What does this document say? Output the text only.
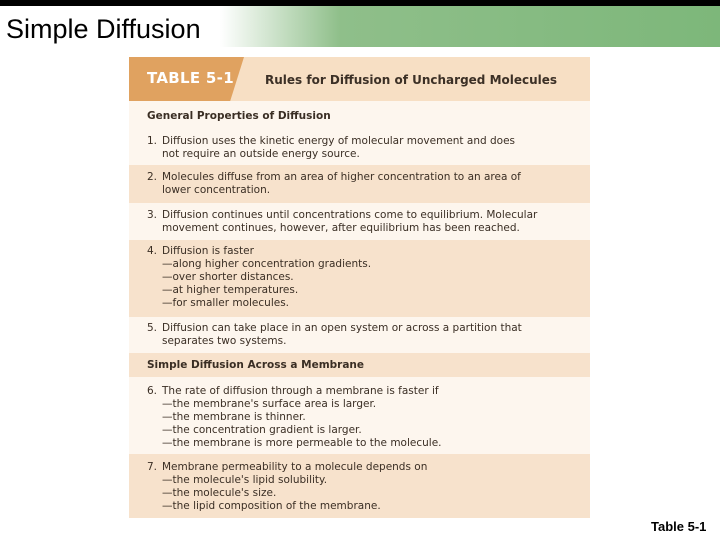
Simple Diffusion
TABLE 5-1	Rules for Diffusion of Uncharged Molecules
General Properties of Diffusion
1. Diffusion uses the kinetic energy of molecular movement and does
not require an outside energy source.
2. Molecules diffuse from an area of higher concentration to an area of
lower concentration.
3. Diffusion continues until concentrations come to equilibrium. Molecular
movement continues, however, after equilibrium has been reached.
4. Diffusion is faster
—along higher concentration gradients.
—over shorter distances.
—at higher temperatures.
—for smaller molecules.
5. Diffusion can take place in an open system or across a partition that
separates two systems.
Simple Diffusion Across a Membrane
6. The rate of diffusion through a membrane is faster if
—the membrane's surface area is larger.
—the membrane is thinner.
—the concentration gradient is larger.
—the membrane is more permeable to the molecule.
7. Membrane permeability to a molecule depends on
—the molecule's lipid solubility.
—the molecule's size.
—the lipid composition of the membrane.
Table 5-1
